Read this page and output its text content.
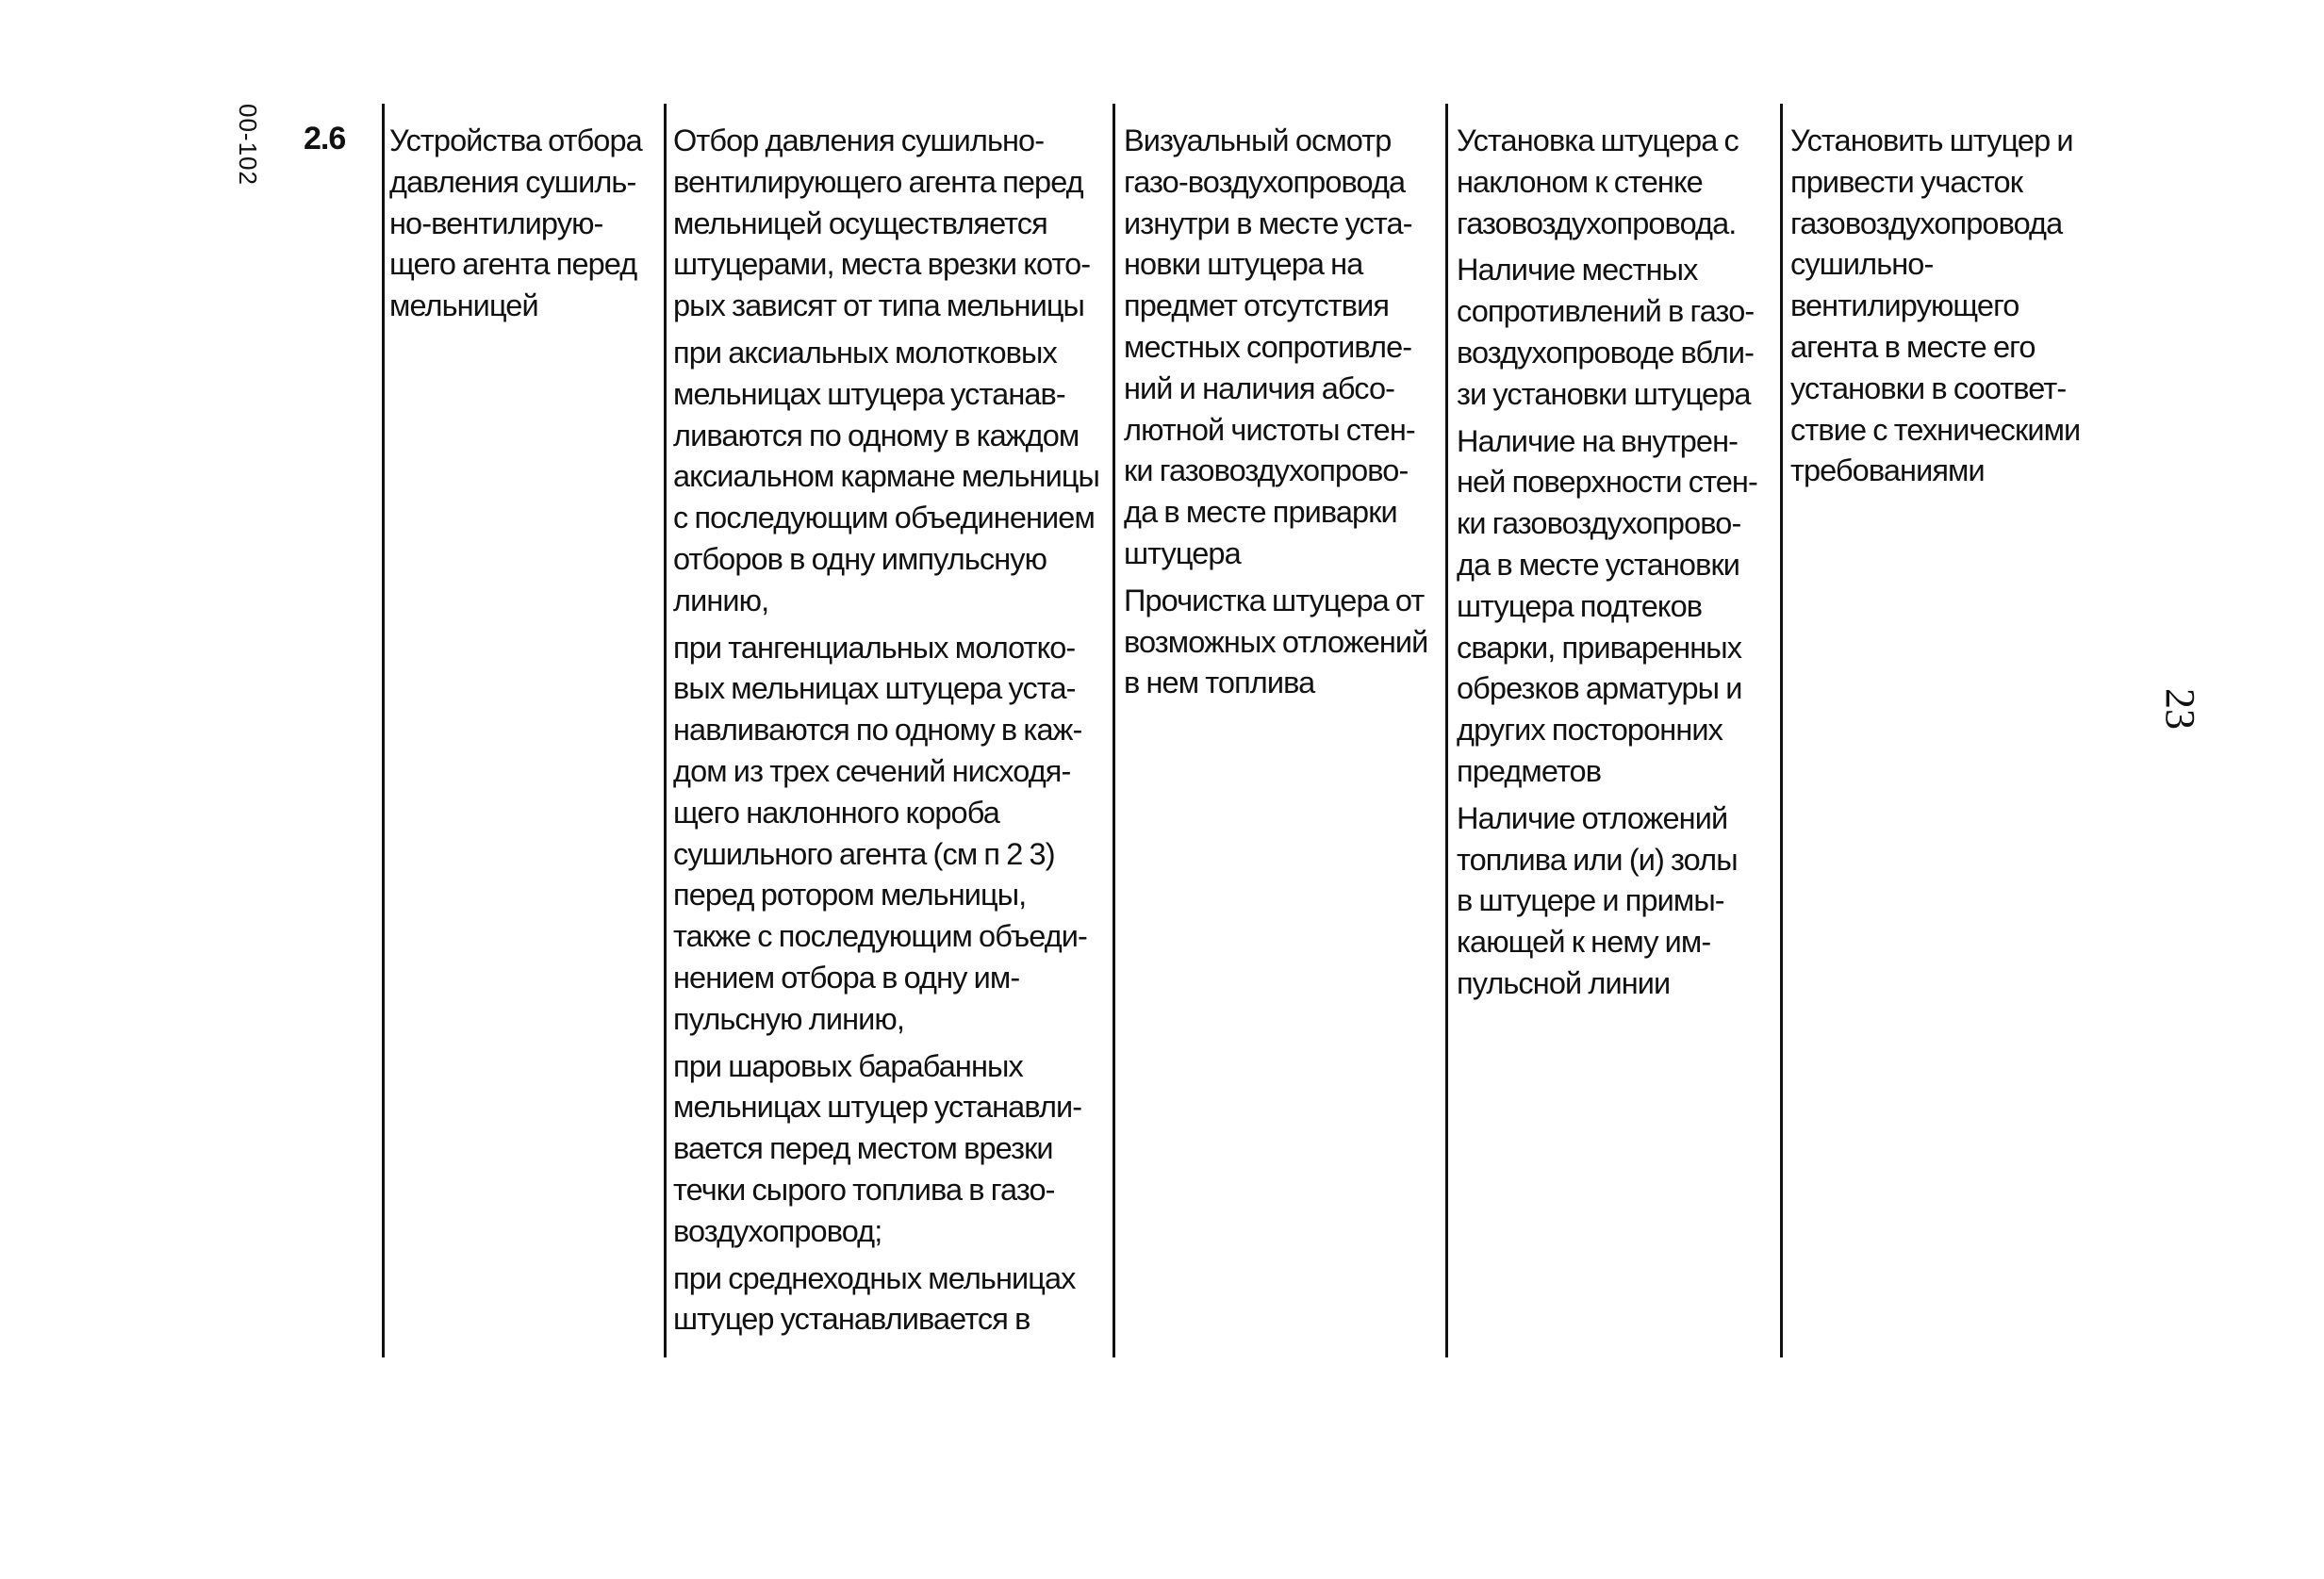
00-102
23
2.6 Устройства отбора
давления сушиль-
но-вентилирую-
щего агента перед
мельницей
Отбор давления сушильно-
вентилирующего агента перед
мельницей осуществляется
штуцерами, места врезки кото-
рых зависят от типа мельницы
при аксиальных молотковых
мельницах штуцера устанав-
ливаются по одному в каждом
аксиальном кармане мельницы
с последующим объединением
отборов в одну импульсную
линию,
при тангенциальных молотко-
вых мельницах штуцера уста-
навливаются по одному в каж-
дом из трех сечений нисходя-
щего наклонного короба
сушильного агента (см п 2 3)
перед ротором мельницы,
также с последующим объеди-
нением отбора в одну им-
пульсную линию,
при шаровых барабанных
мельницах штуцер устанавли-
вается перед местом врезки
течки сырого топлива в газо-
воздухопровод;
при среднеходных мельницах
штуцер устанавливается в
Визуальный осмотр
газо-воздухопровода
изнутри в месте уста-
новки штуцера на
предмет отсутствия
местных сопротивле-
ний и наличия абсо-
лютной чистоты стен-
ки газовоздухопрово-
да в месте приварки
штуцера
Прочистка штуцера от
возможных отложений
в нем топлива
Установка штуцера с
наклоном к стенке
газовоздухопровода.
Наличие местных
сопротивлений в газо-
воздухопроводе вбли-
зи установки штуцера
Наличие на внутрен-
ней поверхности стен-
ки газовоздухопрово-
да в месте установки
штуцера подтеков
сварки, приваренных
обрезков арматуры и
других посторонних
предметов
Наличие отложений
топлива или (и) золы
в штуцере и примы-
кающей к нему им-
пульсной линии
Установить штуцер и
привести участок
газовоздухопровода
сушильно-
вентилирующего
агента в месте его
установки в соответ-
ствие с техническими
требованиями
